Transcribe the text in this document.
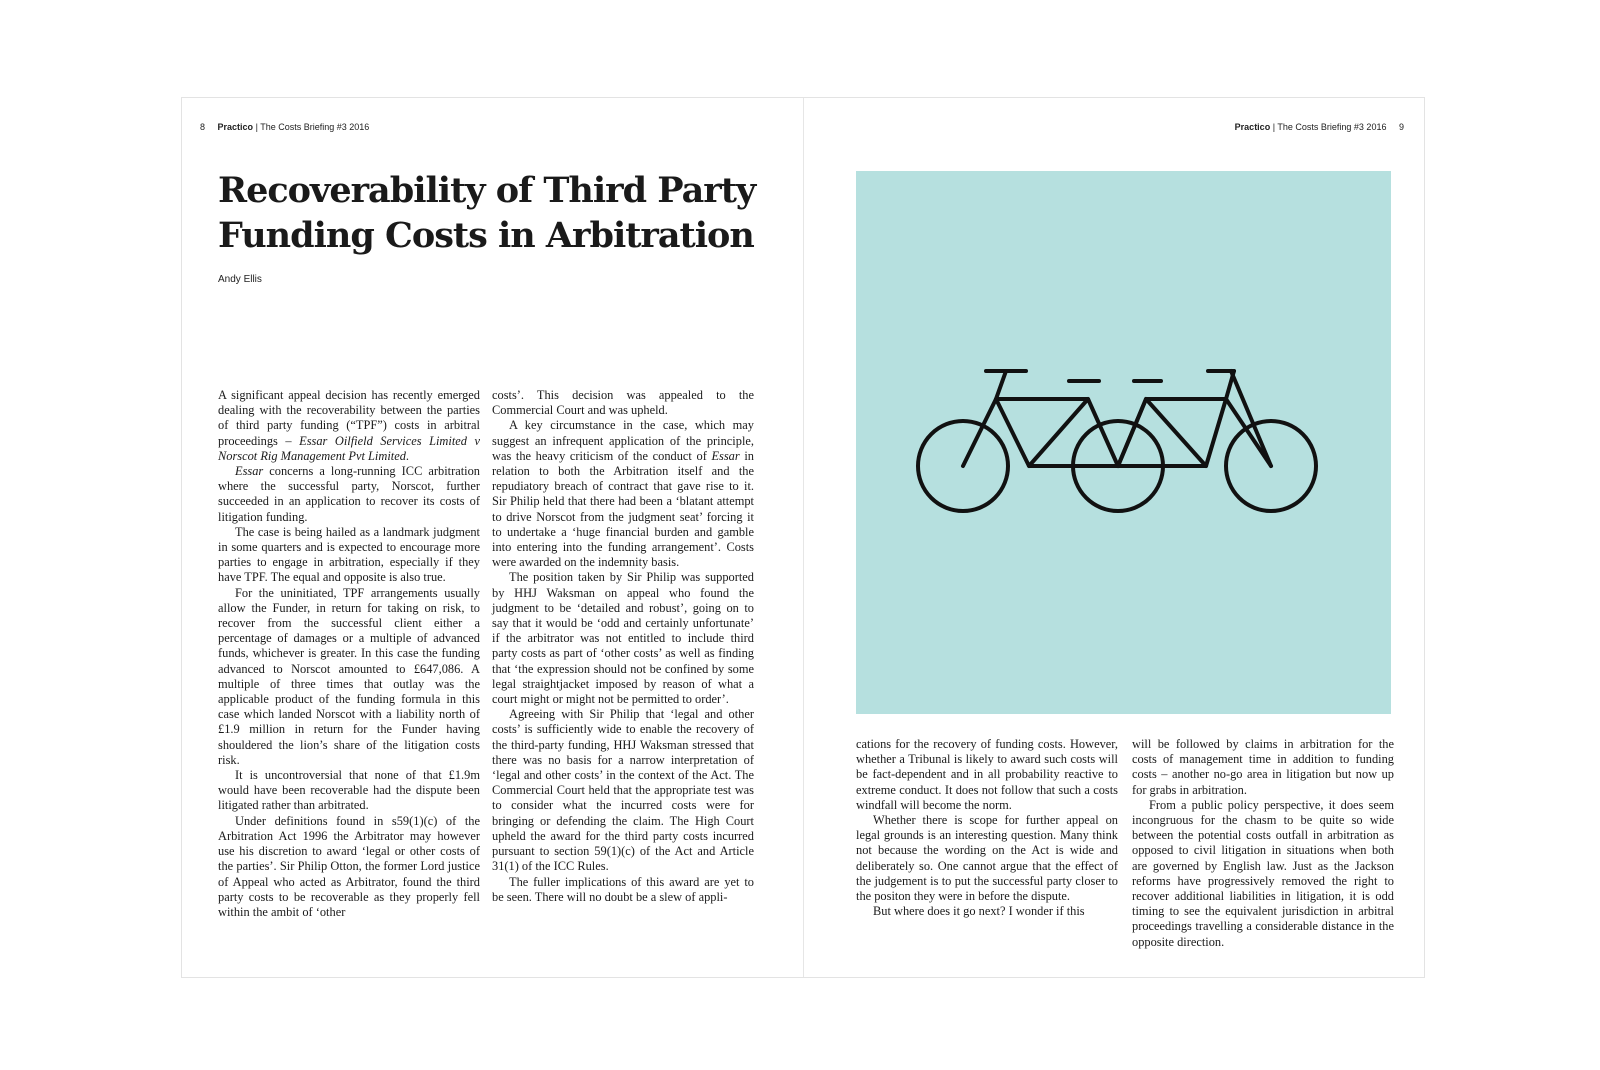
8 Practico | The Costs Briefing #3 2016
Recoverability of Third Party
Funding Costs in Arbitration
Andy Ellis

A significant appeal decision has recently emerged dealing with the recoverability between the parties of third party funding (“TPF”) costs in arbitral proceedings – Essar Oilfield Services Limited v Norscot Rig Management Pvt Limited.

Essar concerns a long-running ICC arbitration where the successful party, Norscot, further succeeded in an application to recover its costs of litigation funding.

The case is being hailed as a landmark judgment in some quarters and is expected to encourage more parties to engage in arbitration, especially if they have TPF. The equal and opposite is also true.

For the uninitiated, TPF arrangements usually allow the Funder, in return for taking on risk, to recover from the successful client either a percentage of damages or a multiple of advanced funds, whichever is greater. In this case the funding advanced to Norscot amounted to £647,086. A multiple of three times that outlay was the applicable product of the funding formula in this case which landed Norscot with a liability north of £1.9 million in return for the Funder having shouldered the lion’s share of the litigation costs risk.

It is uncontroversial that none of that £1.9m would have been recoverable had the dispute been litigated rather than arbitrated.

Under definitions found in s59(1)(c) of the Arbitration Act 1996 the Arbitrator may however use his discretion to award ‘legal or other costs of the parties’. Sir Philip Otton, the former Lord justice of Appeal who acted as Arbitrator, found the third party costs to be recoverable as they properly fell within the ambit of ‘other

costs’. This decision was appealed to the Commercial Court and was upheld.

A key circumstance in the case, which may suggest an infrequent application of the principle, was the heavy criticism of the conduct of Essar in relation to both the Arbitration itself and the repudiatory breach of contract that gave rise to it. Sir Philip held that there had been a ‘blatant attempt to drive Norscot from the judgment seat’ forcing it to undertake a ‘huge financial burden and gamble into entering into the funding arrangement’. Costs were awarded on the indemnity basis.

The position taken by Sir Philip was supported by HHJ Waksman on appeal who found the judgment to be ‘detailed and robust’, going on to say that it would be ‘odd and certainly unfortunate’ if the arbitrator was not entitled to include third party costs as part of ‘other costs’ as well as finding that ‘the expression should not be confined by some legal straightjacket imposed by reason of what a court might or might not be permitted to order’.

Agreeing with Sir Philip that ‘legal and other costs’ is sufficiently wide to enable the recovery of the third-party funding, HHJ Waksman stressed that there was no basis for a narrow interpretation of ‘legal and other costs’ in the context of the Act. The Commercial Court held that the appropriate test was to consider what the incurred costs were for bringing or defending the claim. The High Court upheld the award for the third party costs incurred pursuant to section 59(1)(c) of the Act and Article 31(1) of the ICC Rules.

The fuller implications of this award are yet to be seen. There will no doubt be a slew of appli-

Practico | The Costs Briefing #3 2016 9

cations for the recovery of funding costs. However, whether a Tribunal is likely to award such costs will be fact-dependent and in all probability reactive to extreme conduct. It does not follow that such a costs windfall will become the norm.

Whether there is scope for further appeal on legal grounds is an interesting question. Many think not because the wording on the Act is wide and deliberately so. One cannot argue that the effect of the judgement is to put the successful party closer to the positon they were in before the dispute.

But where does it go next? I wonder if this

will be followed by claims in arbitration for the costs of management time in addition to funding costs – another no-go area in litigation but now up for grabs in arbitration.

From a public policy perspective, it does seem incongruous for the chasm to be quite so wide between the potential costs outfall in arbitration as opposed to civil litigation in situations when both are governed by English law. Just as the Jackson reforms have progressively removed the right to recover additional liabilities in litigation, it is odd timing to see the equivalent jurisdiction in arbitral proceedings travelling a considerable distance in the opposite direction.
